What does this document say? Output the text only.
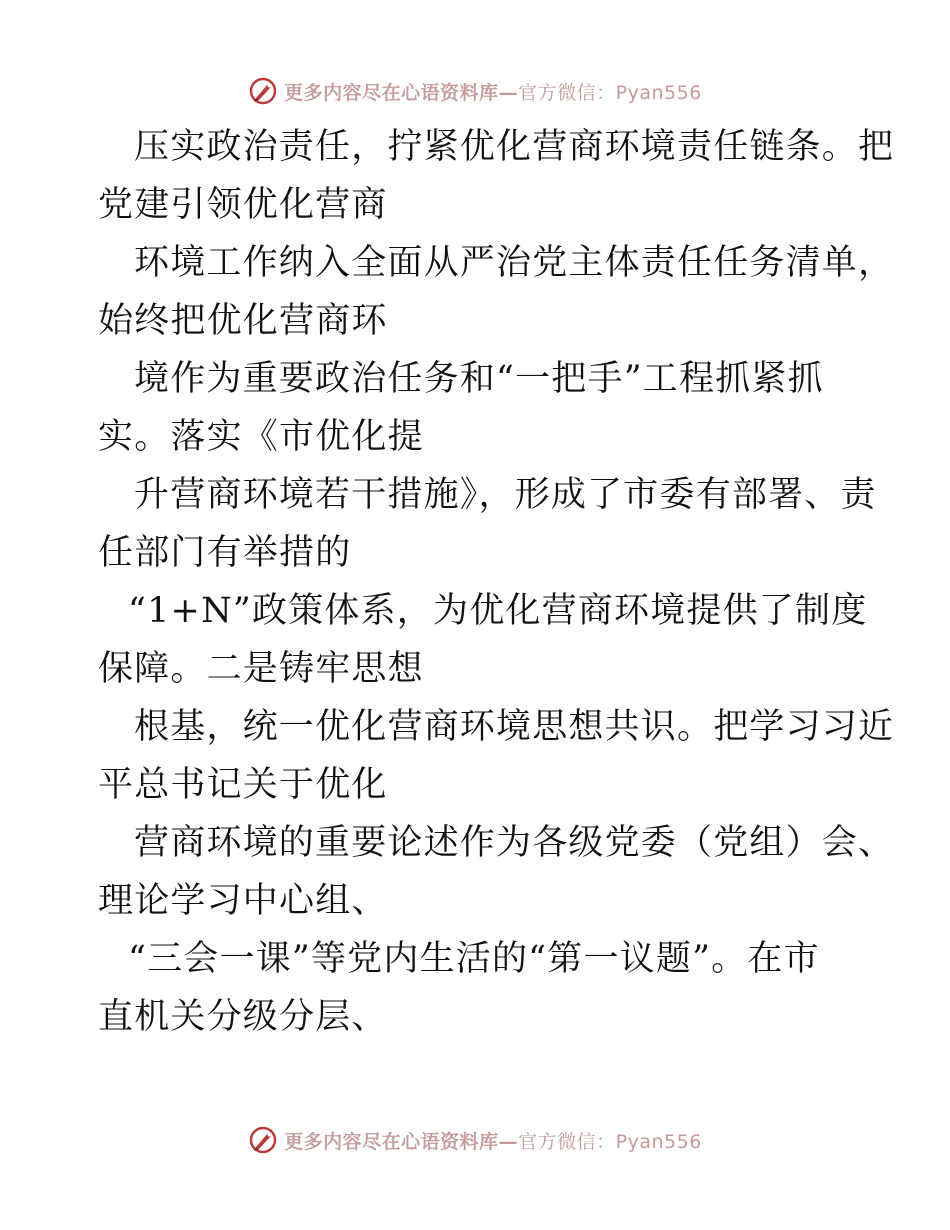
更多内容尽在心语资料库—官方微信：Pyan556
压实政治责任，拧紧优化营商环境责任链条。把
党建引领优化营商
环境工作纳入全面从严治党主体责任任务清单，
始终把优化营商环
境作为重要政治任务和“一把手”工程抓紧抓
实。落实《市优化提
升营商环境若干措施》，形成了市委有部署、责
任部门有举措的
“1+N”政策体系，为优化营商环境提供了制度
保障。二是铸牢思想
根基，统一优化营商环境思想共识。把学习习近
平总书记关于优化
营商环境的重要论述作为各级党委（党组）会、
理论学习中心组、
“三会一课”等党内生活的“第一议题”。在市
直机关分级分层、
更多内容尽在心语资料库—官方微信：Pyan556
